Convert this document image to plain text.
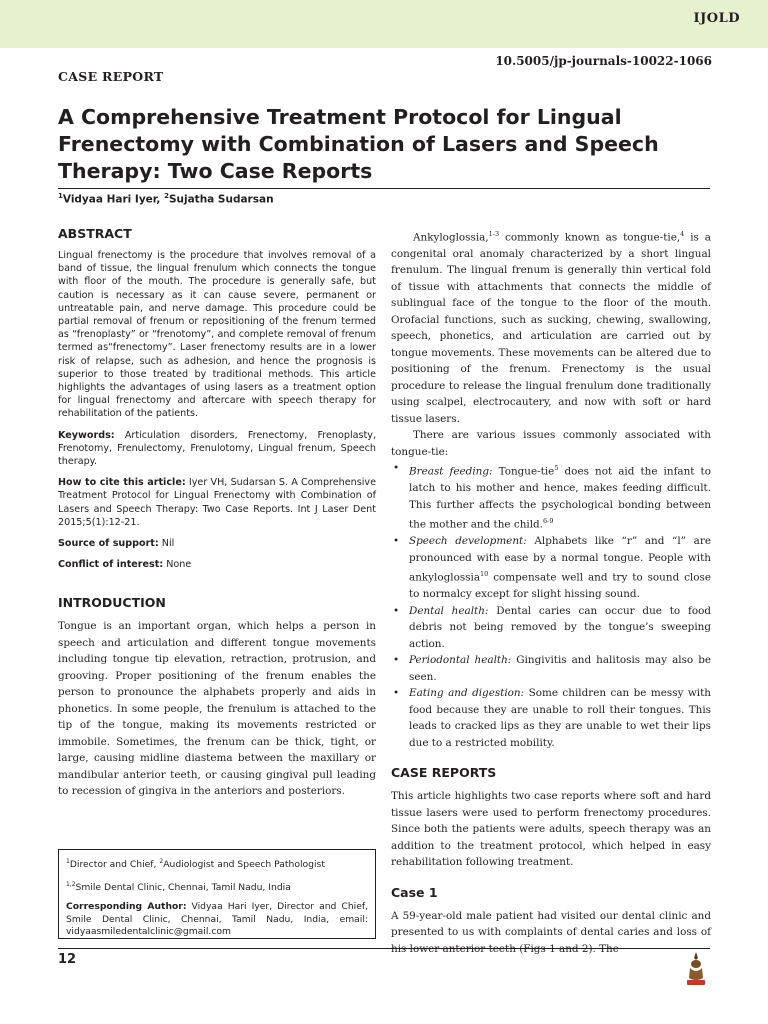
IJOLD
10.5005/jp-journals-10022-1066
CASE REPORT
A Comprehensive Treatment Protocol for Lingual Frenectomy with Combination of Lasers and Speech Therapy: Two Case Reports
$^1$Vidyaa Hari Iyer, $^2$Sujatha Sudarsan
ABSTRACT

Lingual frenectomy is the procedure that involves removal of a band of tissue, the lingual frenulum which connects the tongue with floor of the mouth. The procedure is generally safe, but caution is necessary as it can cause severe, permanent or untreatable pain, and nerve damage. This procedure could be partial removal of frenum or repositioning of the frenum termed as “frenoplasty” or “frenotomy”, and complete removal of frenum termed as“frenectomy”. Laser frenectomy results are in a lower risk of relapse, such as adhesion, and hence the prognosis is superior to those treated by traditional methods. This article highlights the advantages of using lasers as a treatment option for lingual frenectomy and aftercare with speech therapy for rehabilitation of the patients.

Keywords: Articulation disorders, Frenectomy, Frenoplasty, Frenotomy, Frenulectomy, Frenulotomy, Lingual frenum, Speech therapy.

How to cite this article: Iyer VH, Sudarsan S. A Comprehensive Treatment Protocol for Lingual Frenectomy with Combination of Lasers and Speech Therapy: Two Case Reports. Int J Laser Dent 2015;5(1):12-21.

Source of support: Nil

Conflict of interest: None

INTRODUCTION

Tongue is an important organ, which helps a person in speech and articulation and different tongue movements including tongue tip elevation, retraction, protrusion, and grooving. Proper positioning of the frenum enables the person to pronounce the alphabets properly and aids in phonetics. In some people, the frenulum is attached to the tip of the tongue, making its movements restricted or immobile. Sometimes, the frenum can be thick, tight, or large, causing midline diastema between the maxillary or mandibular anterior teeth, or causing gingival pull leading to recession of gingiva in the anteriors and posteriors.

$^1$Director and Chief, $^2$Audiologist and Speech Pathologist

$^{1,2}$Smile Dental Clinic, Chennai, Tamil Nadu, India

Corresponding Author: Vidyaa Hari Iyer, Director and Chief, Smile Dental Clinic, Chennai, Tamil Nadu, India, email: vidyaasmiledentalclinic@gmail.com

Ankyloglossia,$^{1-3}$ commonly known as tongue-tie,$^4$ is a congenital oral anomaly characterized by a short lingual frenulum. The lingual frenum is generally thin vertical fold of tissue with attachments that connects the middle of sublingual face of the tongue to the floor of the mouth. Orofacial functions, such as sucking, chewing, swallowing, speech, phonetics, and articulation are carried out by tongue movements. These movements can be altered due to positioning of the frenum. Frenectomy is the usual procedure to release the lingual frenulum done traditionally using scalpel, electrocautery, and now with soft or hard tissue lasers.

There are various issues commonly associated with tongue-tie:

• Breast feeding: Tongue-tie$^5$ does not aid the infant to latch to his mother and hence, makes feeding difficult. This further affects the psychological bonding between the mother and the child.$^{6-9}$
• Speech development: Alphabets like “r” and “l” are pronounced with ease by a normal tongue. People with ankyloglossia$^{10}$ compensate well and try to sound close to normalcy except for slight hissing sound.
• Dental health: Dental caries can occur due to food debris not being removed by the tongue’s sweeping action.
• Periodontal health: Gingivitis and halitosis may also be seen.
• Eating and digestion: Some children can be messy with food because they are unable to roll their tongues. This leads to cracked lips as they are unable to wet their lips due to a restricted mobility.
CASE REPORTS

This article highlights two case reports where soft and hard tissue lasers were used to perform frenectomy procedures. Since both the patients were adults, speech therapy was an addition to the treatment protocol, which helped in easy rehabilitation following treatment.

Case 1

A 59-year-old male patient had visited our dental clinic and presented to us with complaints of dental caries and loss of

12
